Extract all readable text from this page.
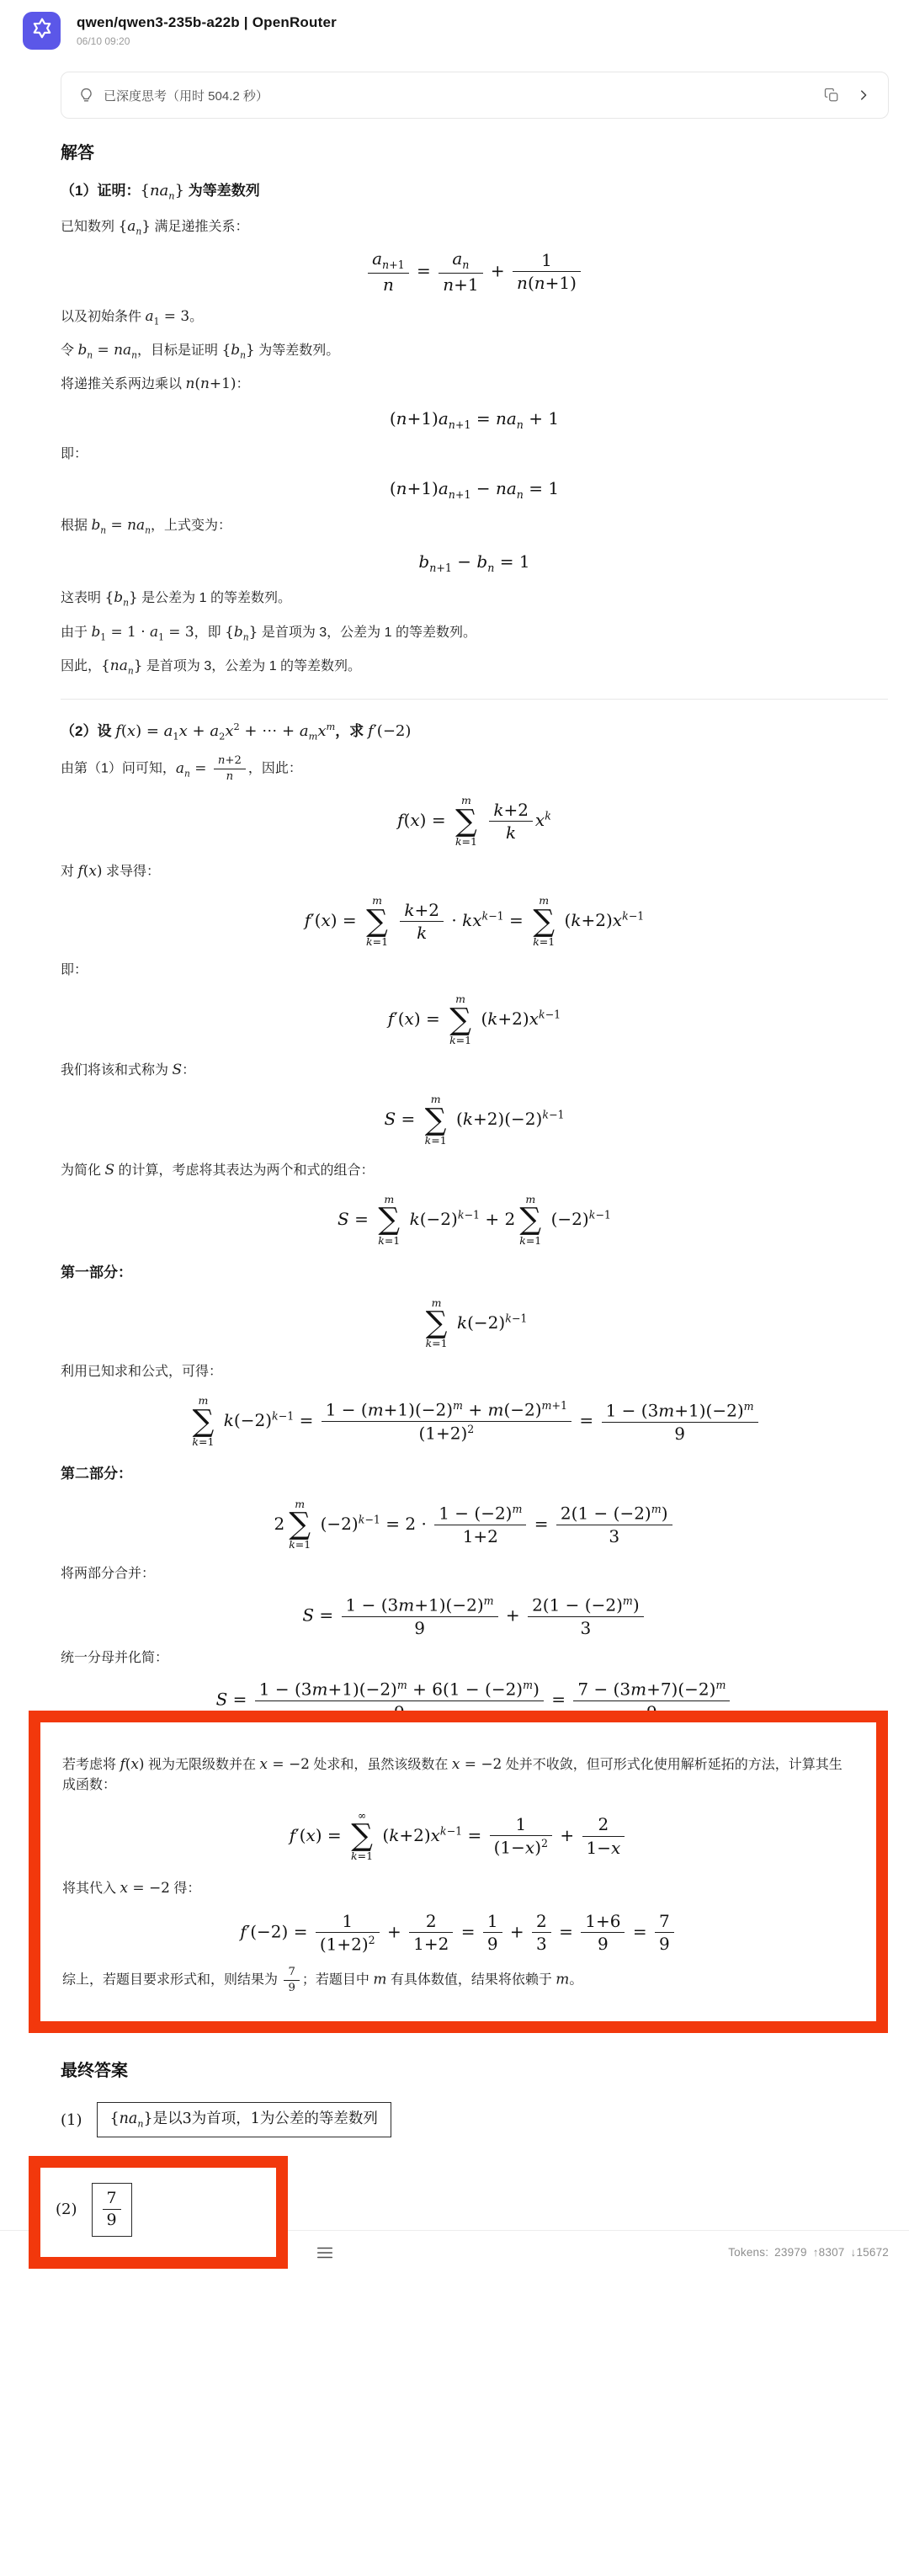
qwen/qwen3-235b-a22b | OpenRouter
06/10 09:20
已深度思考（用时 504.2 秒）
解答
（1）证明：$\{na_n\}$ 为等差数列

已知数列 $\{a_n\}$ 满足递推关系：

$\frac{a_{n+1}}{n} = \frac{a_n}{n+1} + \frac{1}{n(n+1)}$

以及初始条件 $a_1 = 3$。

令 $b_n = na_n$，目标是证明 $\{b_n\}$ 为等差数列。

将递推关系两边乘以 n(n+1)：

$(n+1)a_{n+1} = na_n + 1$

即：

$(n+1)a_{n+1} - na_n = 1$

根据 $b_n = na_n$，上式变为：

$b_{n+1} - b_n = 1$

这表明 $\{b_n\}$ 是公差为 1 的等差数列。

由于 $b_1 = 1 \cdot a_1 = 3$，即 $\{b_n\}$ 是首项为 3，公差为 1 的等差数列。

因此，$\{na_n\}$ 是首项为 3，公差为 1 的等差数列。

（2）设 $f(x) = a_1x + a_2x^2$ + ⋯ + $a_mx^m$，求 f′(−2)

由第（1）问可知，$a_n = \frac{n+2}{n}$ ，因此：

f(x) =
m
∑
k=1
$\frac{k+2}{k} x^k$

对 f(x) 求导得：

f′(x) =
m
∑
k=1
$\frac{k+2}{k} \cdot kx^{k-1}$ =
m
∑
k=1
$(k+2)x^{k-1}$

即：

f′(x) =
m
∑
k=1
$(k+2)x^{k-1}$

我们将该和式称为 S：

S =
m
∑
k=1
$(k+2)(-2)^{k-1}$

为简化 S 的计算，考虑将其表达为两个和式的组合：

S =
m
∑
k=1
$k(-2)^{k-1} + 2$
m
∑
k=1
$(-2)^{k-1}$
第一部分：
m
∑
k=1
$k(-2)^{k-1}$

利用已知求和公式，可得：

m
∑
k=1
$k(-2)^{k-1} = \frac{1 - (m+1)(-2)^m + m(-2)^{m+1}}{(1+2)^2} = \frac{1 - (3m+1)(-2)^m}{9}$
第二部分：
2
m
∑
k=1
$(-2)^{k-1} = 2 \cdot \frac{1 - (-2)^m}{1+2} = \frac{2(1 - (-2)^m)}{3}$

将两部分合并：

$S = \frac{1 - (3m+1)(-2)^m}{9} + \frac{2(1 - (-2)^m)}{3}$

统一分母并化简：

S =
$1 - (3m+1)(-2)^m + 6(1 - (-2)^m)$
=
$7 - (3m+7)(-2)^m$

若考虑将 f(x) 视为无限级数并在 x = −2 处求和，虽然该级数在 x = −2 处并不收敛，但可形式化使用解析延拓的方法，计算其生成函数：

f′(x) =
∞
∑
k=1
$(k+2)x^{k-1} = \frac{1}{(1-x)^2} + \frac{2}{1-x}$

将其代入 x = −2 得：

$f'(-2) = \frac{1}{(1+2)^2} + \frac{2}{1+2} = \frac{1}{9} + \frac{2}{3} = \frac{1+6}{9} = \frac{7}{9}$

综上，若题目要求形式和，则结果为 $\frac{7}{9}$ ；若题目中 m 有具体数值，结果将依赖于 m。

最终答案
(1)	$\{na_n\}$是以3为首项，1为公差的等差数列
$(2) \frac{7}{9}$
Tokens: 23979 ↑8307 ↓15672
